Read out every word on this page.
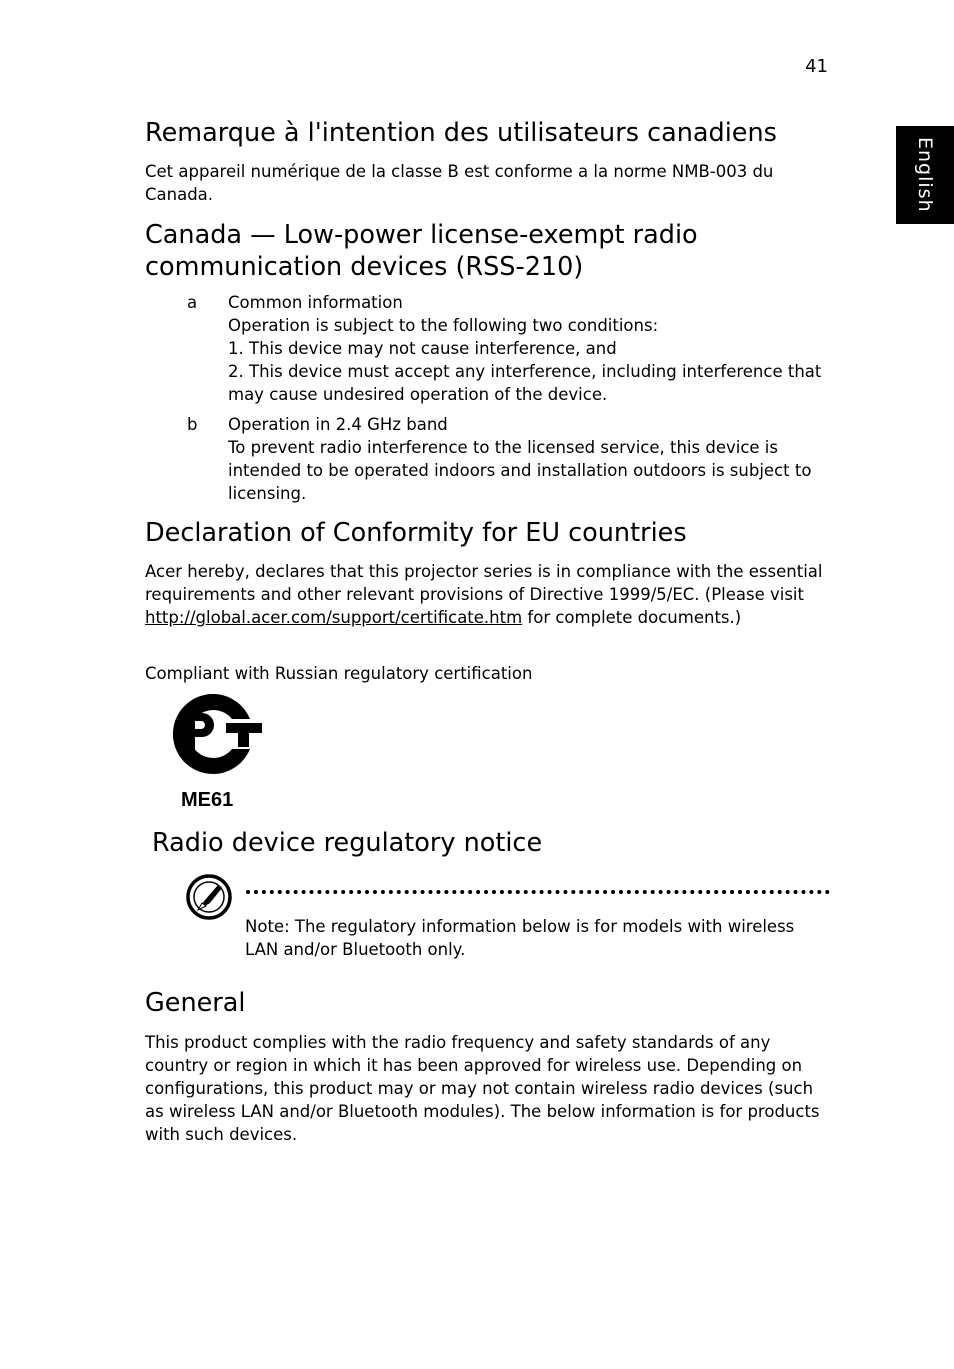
41
English
Remarque à l'intention des utilisateurs canadiens

Cet appareil numérique de la classe B est conforme a la norme NMB-003 du Canada.

Canada — Low-power license-exempt radio communication devices (RSS-210)
a Common information
Operation is subject to the following two conditions:
1. This device may not cause interference, and
2. This device must accept any interference, including interference that may cause undesired operation of the device.
b Operation in 2.4 GHz band
To prevent radio interference to the licensed service, this device is intended to be operated indoors and installation outdoors is subject to licensing.
Declaration of Conformity for EU countries

Acer hereby, declares that this projector series is in compliance with the essential requirements and other relevant provisions of Directive 1999/5/EC. (Please visit http://global.acer.com/support/certificate.htm for complete documents.)

Compliant with Russian regulatory certification

ME61
Radio device regulatory notice

Note: The regulatory information below is for models with wireless LAN and/or Bluetooth only.

General

This product complies with the radio frequency and safety standards of any country or region in which it has been approved for wireless use. Depending on configurations, this product may or may not contain wireless radio devices (such as wireless LAN and/or Bluetooth modules). The below information is for products with such devices.
